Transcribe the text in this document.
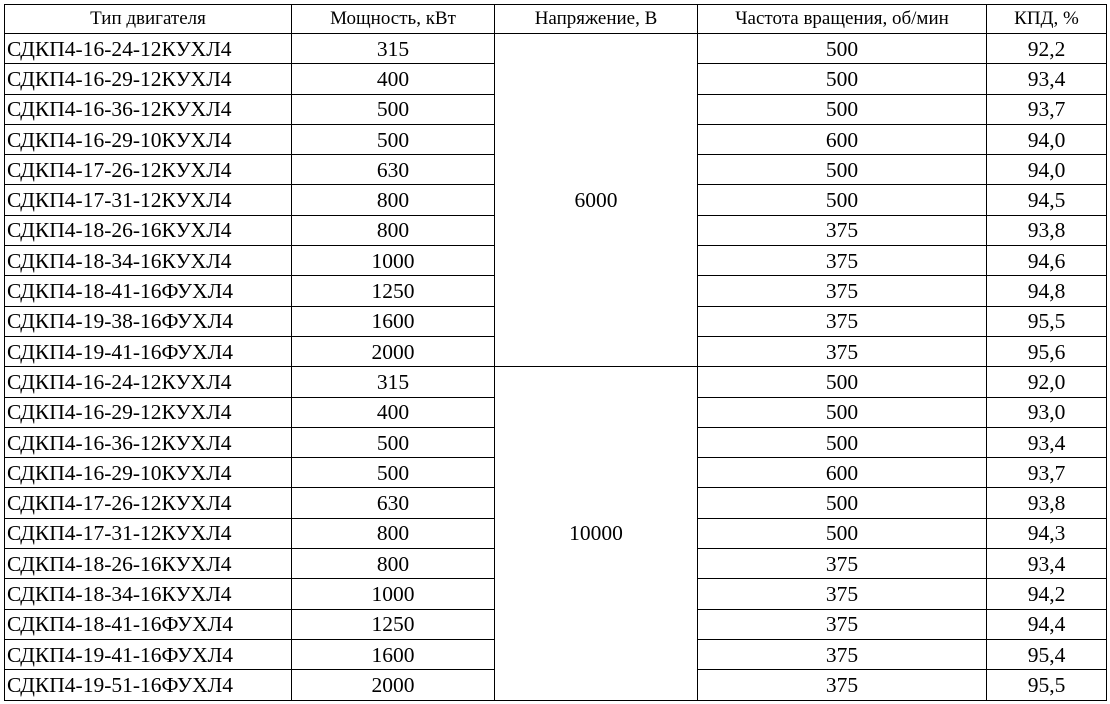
Тип двигателя	Мощность, кВт	Напряжение, В	Частота вращения, об/мин	КПД, %
СДКП4-16-24-12КУХЛ4	315	6000	500	92,2
СДКП4-16-29-12КУХЛ4	400		500	93,4
СДКП4-16-36-12КУХЛ4	500		500	93,7
СДКП4-16-29-10КУХЛ4	500		600	94,0
СДКП4-17-26-12КУХЛ4	630		500	94,0
СДКП4-17-31-12КУХЛ4	800		500	94,5
СДКП4-18-26-16КУХЛ4	800		375	93,8
СДКП4-18-34-16КУХЛ4	1000		375	94,6
СДКП4-18-41-16ФУХЛ4	1250		375	94,8
СДКП4-19-38-16ФУХЛ4	1600		375	95,5
СДКП4-19-41-16ФУХЛ4	2000		375	95,6
СДКП4-16-24-12КУХЛ4	315	10000	500	92,0
СДКП4-16-29-12КУХЛ4	400		500	93,0
СДКП4-16-36-12КУХЛ4	500		500	93,4
СДКП4-16-29-10КУХЛ4	500		600	93,7
СДКП4-17-26-12КУХЛ4	630		500	93,8
СДКП4-17-31-12КУХЛ4	800		500	94,3
СДКП4-18-26-16КУХЛ4	800		375	93,4
СДКП4-18-34-16КУХЛ4	1000		375	94,2
СДКП4-18-41-16ФУХЛ4	1250		375	94,4
СДКП4-19-41-16ФУХЛ4	1600		375	95,4
СДКП4-19-51-16ФУХЛ4	2000		375	95,5
